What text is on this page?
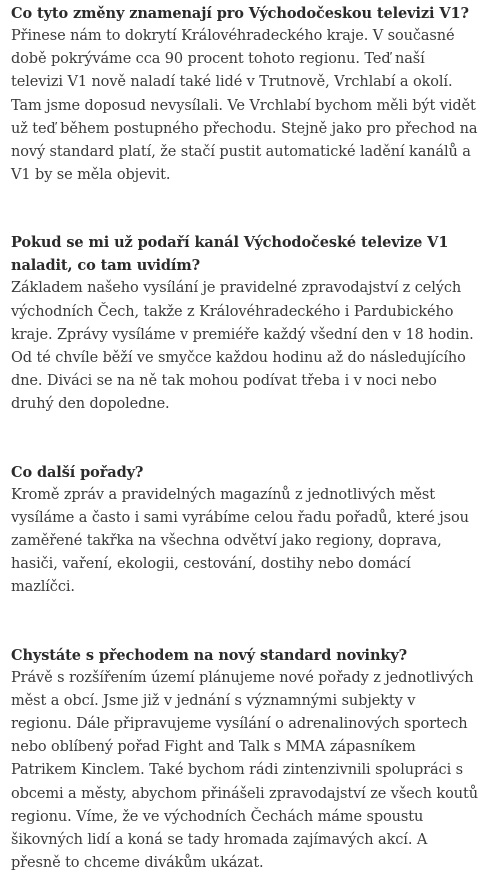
Co tyto změny znamenají pro Východočeskou televizi V1?

Přinese nám to dokrytí Královéhradeckého kraje. V současné době pokrýváme cca 90 procent tohoto regionu. Teď naší televizi V1 nově naladí také lidé v Trutnově, Vrchlabí a okolí. Tam jsme doposud nevysílali. Ve Vrchlabí bychom měli být vidět už teď během postupného přechodu. Stejně jako pro přechod na nový standard platí, že stačí pustit automatické ladění kanálů a V1 by se měla objevit.

Pokud se mi už podaří kanál Východočeské televize V1 naladit, co tam uvidím?

Základem našeho vysílání je pravidelné zpravodajství z celých východních Čech, takže z Královéhradeckého i Pardubického kraje. Zprávy vysíláme v premiéře každý všední den v 18 hodin. Od té chvíle běží ve smyčce každou hodinu až do následujícího dne. Diváci se na ně tak mohou podívat třeba i v noci nebo druhý den dopoledne.

Co další pořady?

Kromě zpráv a pravidelných magazínů z jednotlivých měst vysíláme a často i sami vyrábíme celou řadu pořadů, které jsou zaměřené takřka na všechna odvětví jako regiony, doprava, hasiči, vaření, ekologii, cestování, dostihy nebo domácí mazlíčci.

Chystáte s přechodem na nový standard novinky?

Právě s rozšířením území plánujeme nové pořady z jednotlivých měst a obcí. Jsme již v jednání s významnými subjekty v regionu. Dále připravujeme vysílání o adrenalinových sportech nebo oblíbený pořad Fight and Talk s MMA zápasníkem Patrikem Kinclem. Také bychom rádi zintenzivnili spolupráci s obcemi a městy, abychom přinášeli zpravodajství ze všech koutů regionu. Víme, že ve východních Čechách máme spoustu šikovných lidí a koná se tady hromada zajímavých akcí. A přesně to chceme divákům ukázat.
